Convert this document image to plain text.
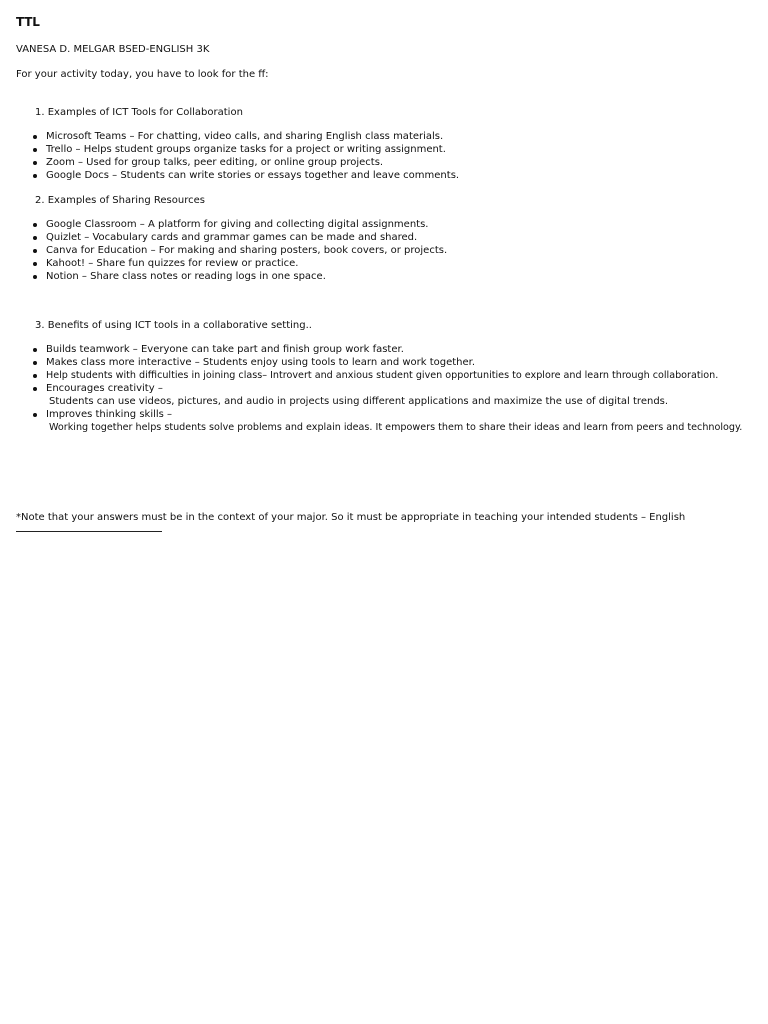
TTL
VANESA D. MELGAR BSED-ENGLISH 3K
For your activity today, you have to look for the ff:
1. Examples of ICT Tools for Collaboration
Microsoft Teams – For chatting, video calls, and sharing English class materials.
Trello – Helps student groups organize tasks for a project or writing assignment.
Zoom – Used for group talks, peer editing, or online group projects.
Google Docs – Students can write stories or essays together and leave comments.
2. Examples of Sharing Resources
Google Classroom – A platform for giving and collecting digital assignments.
Quizlet – Vocabulary cards and grammar games can be made and shared.
Canva for Education – For making and sharing posters, book covers, or projects.
Kahoot! – Share fun quizzes for review or practice.
Notion – Share class notes or reading logs in one space.
3. Benefits of using ICT tools in a collaborative setting..
Builds teamwork – Everyone can take part and finish group work faster.
Makes class more interactive – Students enjoy using tools to learn and work together.
Help students with difficulties in joining class– Introvert and anxious student given opportunities to explore and learn through collaboration.
Encourages creativity –
Students can use videos, pictures, and audio in projects using different applications and maximize the use of digital trends.
Improves thinking skills –
Working together helps students solve problems and explain ideas. It empowers them to share their ideas and learn from peers and technology.
*Note that your answers must be in the context of your major. So it must be appropriate in teaching your intended students – English
